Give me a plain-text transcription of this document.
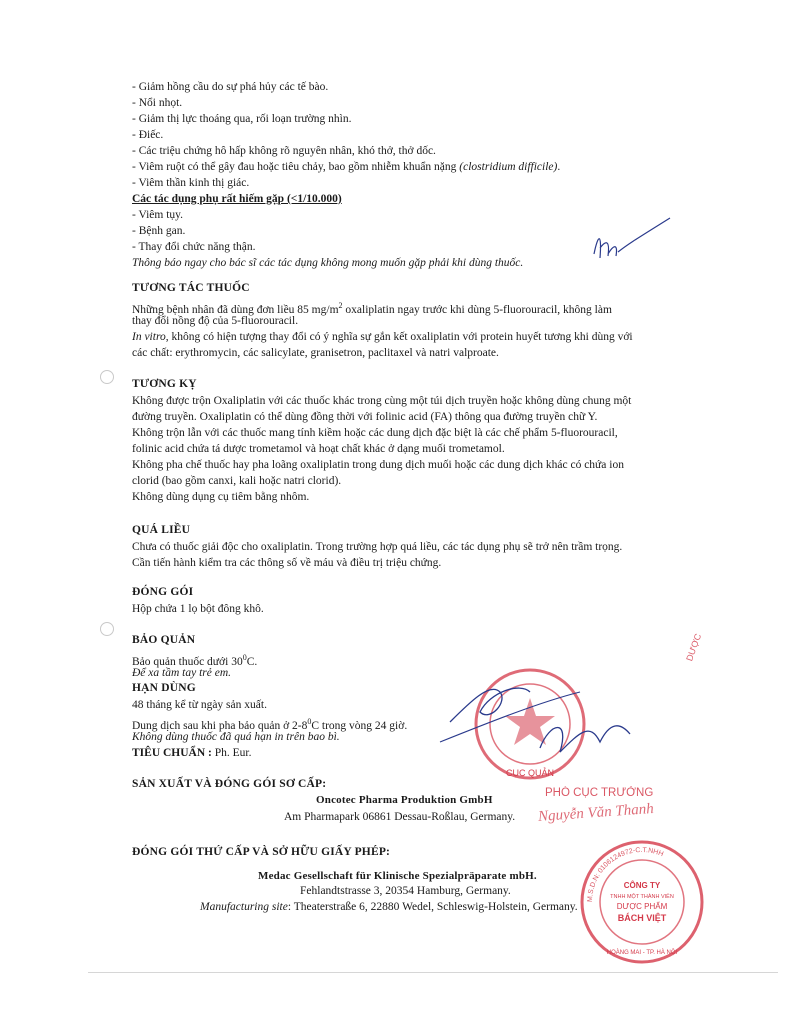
- Giảm hồng cầu do sự phá hủy các tế bào.
- Nổi nhọt.
- Giảm thị lực thoáng qua, rối loạn trường nhìn.
- Điếc.
- Các triệu chứng hô hấp không rõ nguyên nhân, khó thở, thở dốc.
- Viêm ruột có thể gây đau hoặc tiêu chảy, bao gồm nhiễm khuẩn nặng (clostridium difficile).
- Viêm thần kinh thị giác.
Các tác dụng phụ rất hiếm gặp (<1/10.000)
- Viêm tụy.
- Bệnh gan.
- Thay đổi chức năng thận.
Thông báo ngay cho bác sĩ các tác dụng không mong muốn gặp phải khi dùng thuốc.
TƯƠNG TÁC THUỐC
Những bệnh nhân đã dùng đơn liều 85 $mg/m^2$ oxaliplatin ngay trước khi dùng 5-fluorouracil, không làm
thay đổi nồng độ của 5-fluorouracil.
In vitro, không có hiện tượng thay đổi có ý nghĩa sự gắn kết oxaliplatin với protein huyết tương khi dùng với
các chất: erythromycin, các salicylate, granisetron, paclitaxel và natri valproate.
TƯƠNG KỴ
Không được trộn Oxaliplatin với các thuốc khác trong cùng một túi dịch truyền hoặc không dùng chung một
đường truyền. Oxaliplatin có thể dùng đồng thời với folinic acid (FA) thông qua đường truyền chữ Y.
Không trộn lẫn với các thuốc mang tính kiềm hoặc các dung dịch đặc biệt là các chế phẩm 5-fluorouracil,
folinic acid chứa tá dược trometamol và hoạt chất khác ở dạng muối trometamol.
Không pha chế thuốc hay pha loãng oxaliplatin trong dung dịch muối hoặc các dung dịch khác có chứa ion
clorid (bao gồm canxi, kali hoặc natri clorid).
Không dùng dụng cụ tiêm bằng nhôm.
QUÁ LIỀU
Chưa có thuốc giải độc cho oxaliplatin. Trong trường hợp quá liều, các tác dụng phụ sẽ trở nên trầm trọng.
Cần tiến hành kiểm tra các thông số về máu và điều trị triệu chứng.
ĐÓNG GÓI
Hộp chứa 1 lọ bột đông khô.
BẢO QUẢN
Bảo quản thuốc dưới $30^0C$.
Để xa tầm tay trẻ em.
HẠN DÙNG
48 tháng kể từ ngày sản xuất.
Dung dịch sau khi pha bảo quản ở $2-8^0C$ trong vòng 24 giờ.
Không dùng thuốc đã quá hạn in trên bao bì.
TIÊU CHUẨN : Ph. Eur.
SẢN XUẤT VÀ ĐÓNG GÓI SƠ CẤP:
Oncotec Pharma Produktion GmbH
Am Pharmapark 06861 Dessau-Roßlau, Germany.
ĐÓNG GÓI THỨ CẤP VÀ SỞ HỮU GIẤY PHÉP:
Medac Gesellschaft für Klinische Spezialpräparate mbH.
Fehlandtstrasse 3, 20354 Hamburg, Germany.
Manufacturing site: Theaterstraße 6, 22880 Wedel, Schleswig-Holstein, Germany.
CỤC QUẢN
DƯỢC
PHÓ CỤC TRƯỞNG
Nguyễn Văn Thanh
M.S.D.N: 0106124972-C.T.NHH
CÔNG TY
TNHH MỘT THÀNH VIÊN
DƯỢC PHẨM
BÁCH VIỆT
HOÀNG MAI - TP. HÀ NỘI
